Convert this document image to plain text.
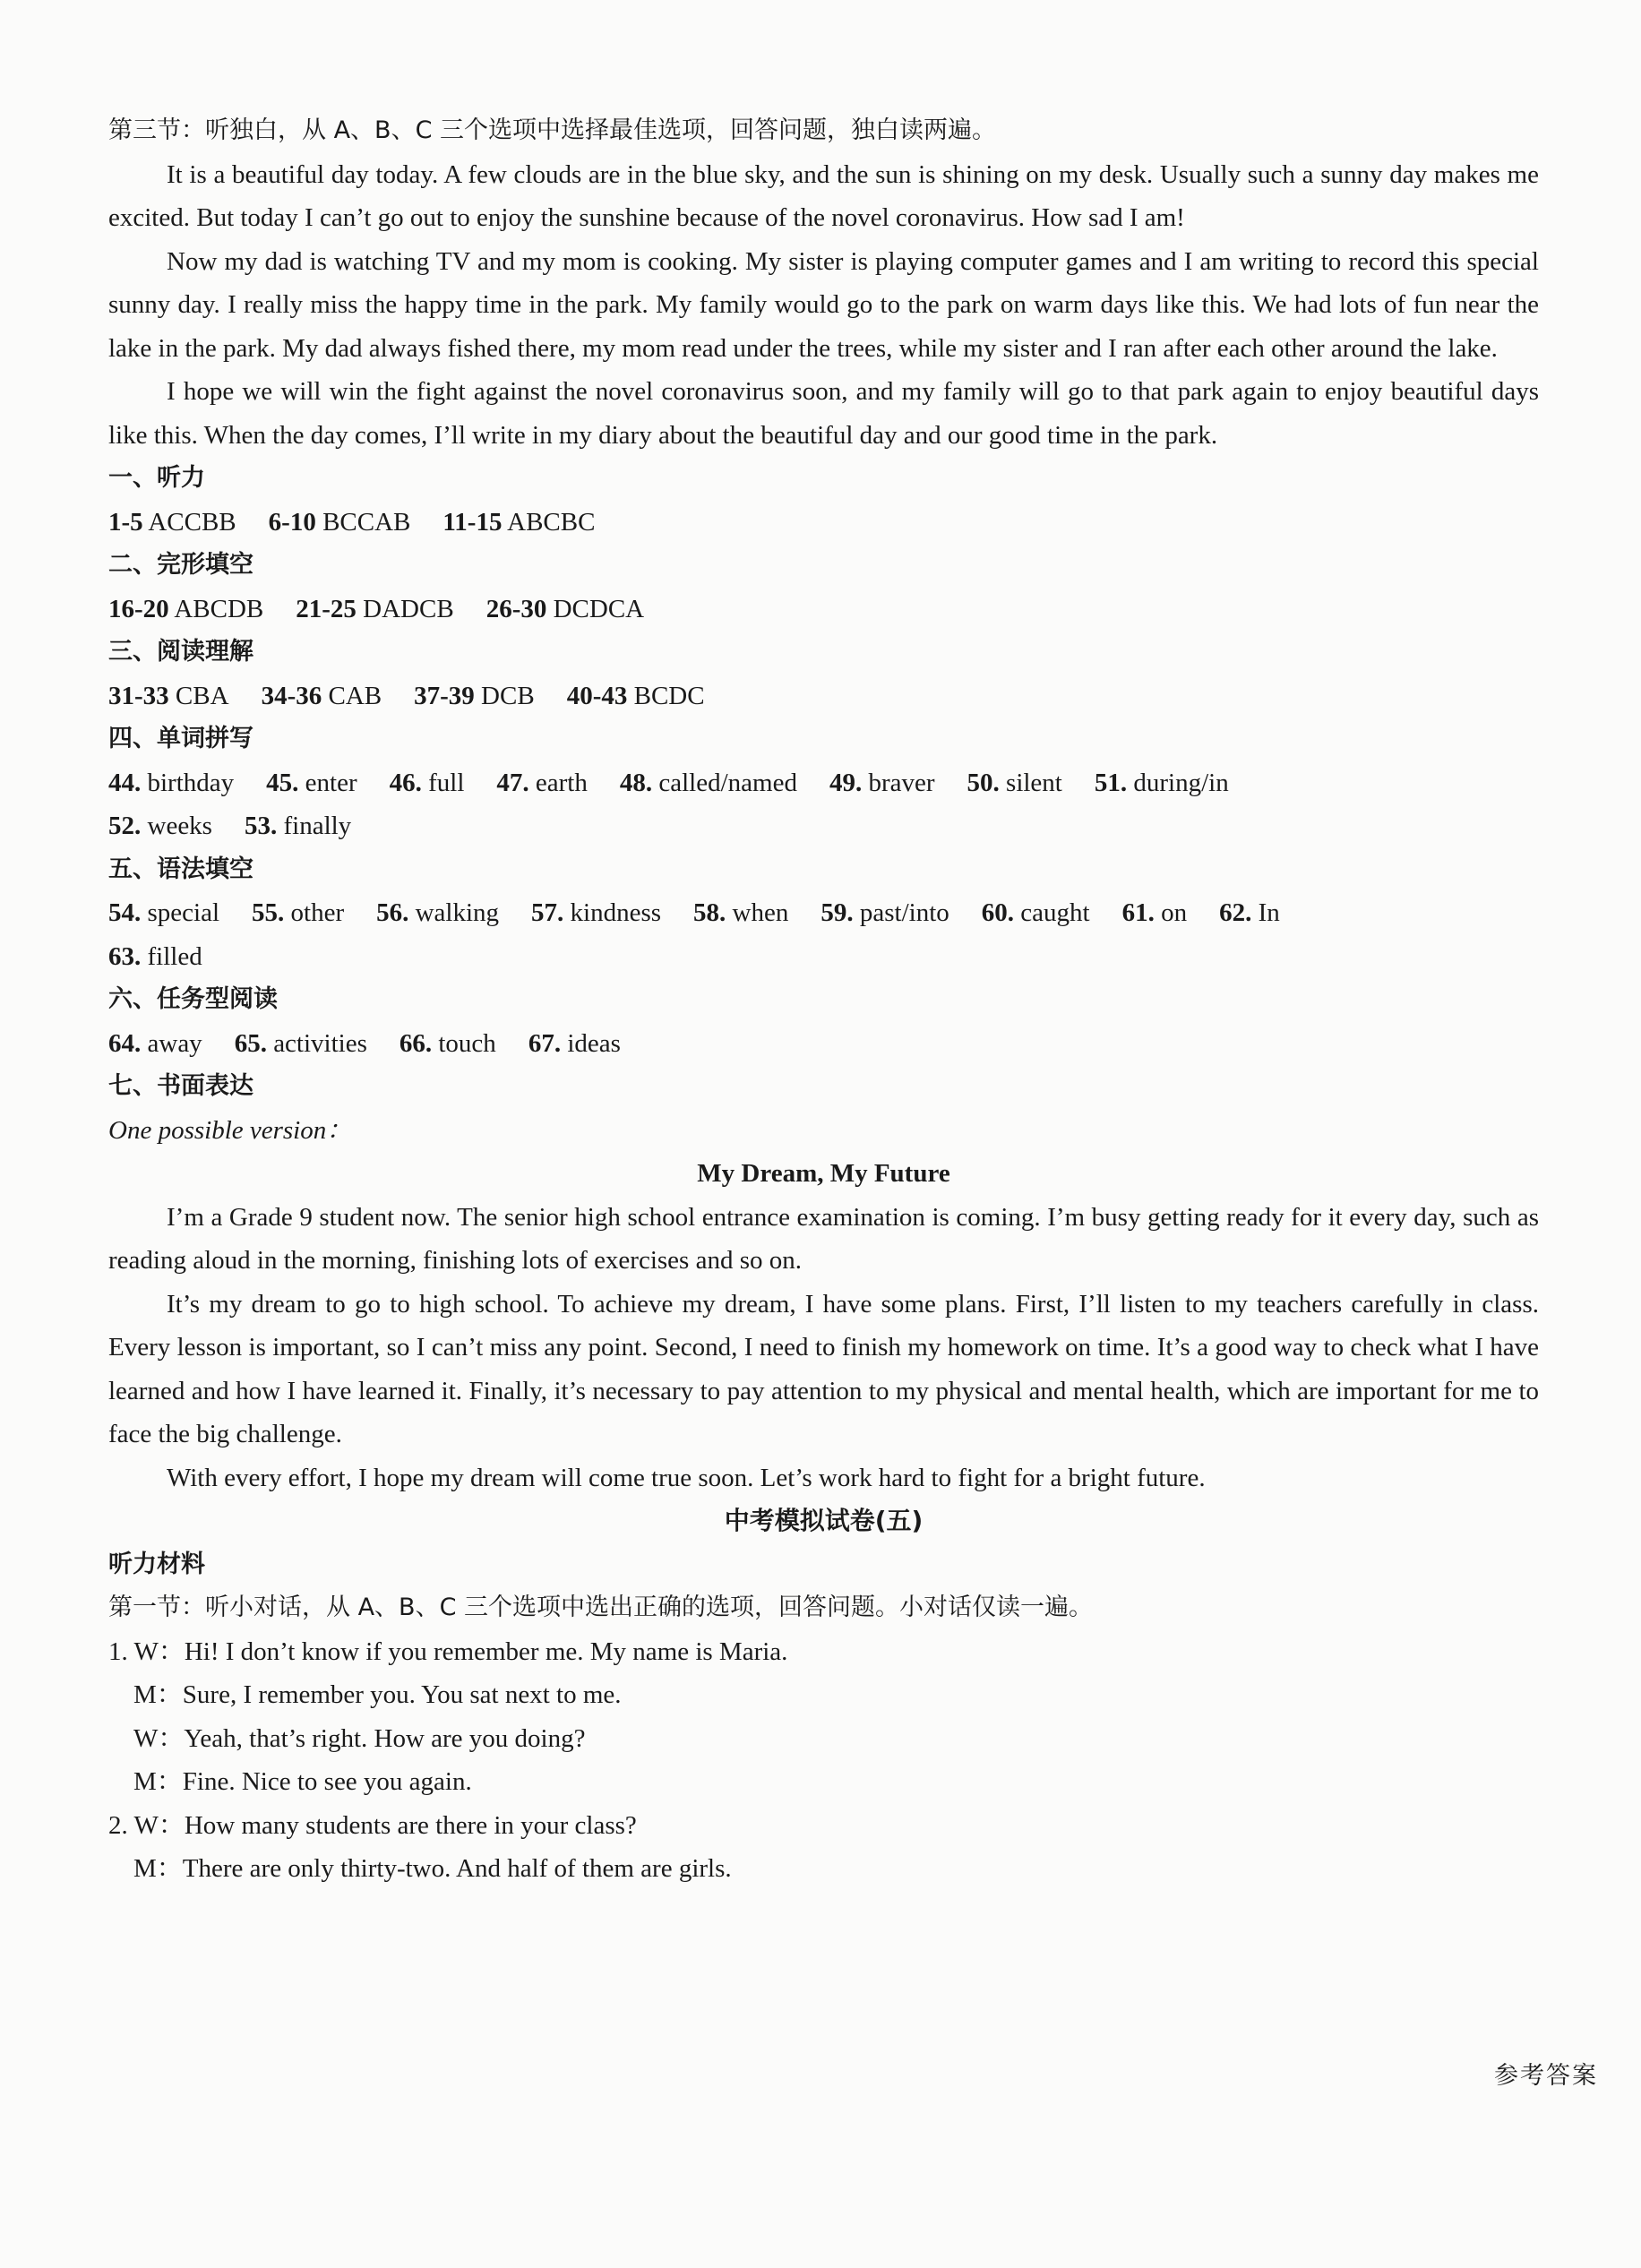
第三节：听独白，从 A、B、C 三个选项中选择最佳选项，回答问题，独白读两遍。

It is a beautiful day today. A few clouds are in the blue sky, and the sun is shining on my desk. Usually such a sunny day makes me excited. But today I can’t go out to enjoy the sunshine because of the novel coronavirus. How sad I am!

Now my dad is watching TV and my mom is cooking. My sister is playing computer games and I am writing to record this special sunny day. I really miss the happy time in the park. My family would go to the park on warm days like this. We had lots of fun near the lake in the park. My dad always fished there, my mom read under the trees, while my sister and I ran after each other around the lake.

I hope we will win the fight against the novel coronavirus soon, and my family will go to that park again to enjoy beautiful days like this. When the day comes, I’ll write in my diary about the beautiful day and our good time in the park.

一、听力
1-5 ACCBB 6-10 BCCAB 11-15 ABCBC
二、完形填空
16-20 ABCDB 21-25 DADCB 26-30 DCDCA
三、阅读理解
31-33 CBA 34-36 CAB 37-39 DCB 40-43 BCDC
四、单词拼写
44. birthday 45. enter 46. full 47. earth 48. called/named 49. braver 50. silent 51. during/in
52. weeks 53. finally
五、语法填空
54. special 55. other 56. walking 57. kindness 58. when 59. past/into 60. caught 61. on 62. In
63. filled
六、任务型阅读
64. away 65. activities 66. touch 67. ideas
七、书面表达
One possible version：
My Dream, My Future

I’m a Grade 9 student now. The senior high school entrance examination is coming. I’m busy getting ready for it every day, such as reading aloud in the morning, finishing lots of exercises and so on.

It’s my dream to go to high school. To achieve my dream, I have some plans. First, I’ll listen to my teachers carefully in class. Every lesson is important, so I can’t miss any point. Second, I need to finish my homework on time. It’s a good way to check what I have learned and how I have learned it. Finally, it’s necessary to pay attention to my physical and mental health, which are important for me to face the big challenge.

With every effort, I hope my dream will come true soon. Let’s work hard to fight for a bright future.

中考模拟试卷(五)
听力材料
第一节：听小对话，从 A、B、C 三个选项中选出正确的选项，回答问题。小对话仅读一遍。
1. W：Hi! I don’t know if you remember me. My name is Maria.
M：Sure, I remember you. You sat next to me.
W：Yeah, that’s right. How are you doing?
M：Fine. Nice to see you again.
2. W：How many students are there in your class?
M：There are only thirty-two. And half of them are girls.
参考答案
